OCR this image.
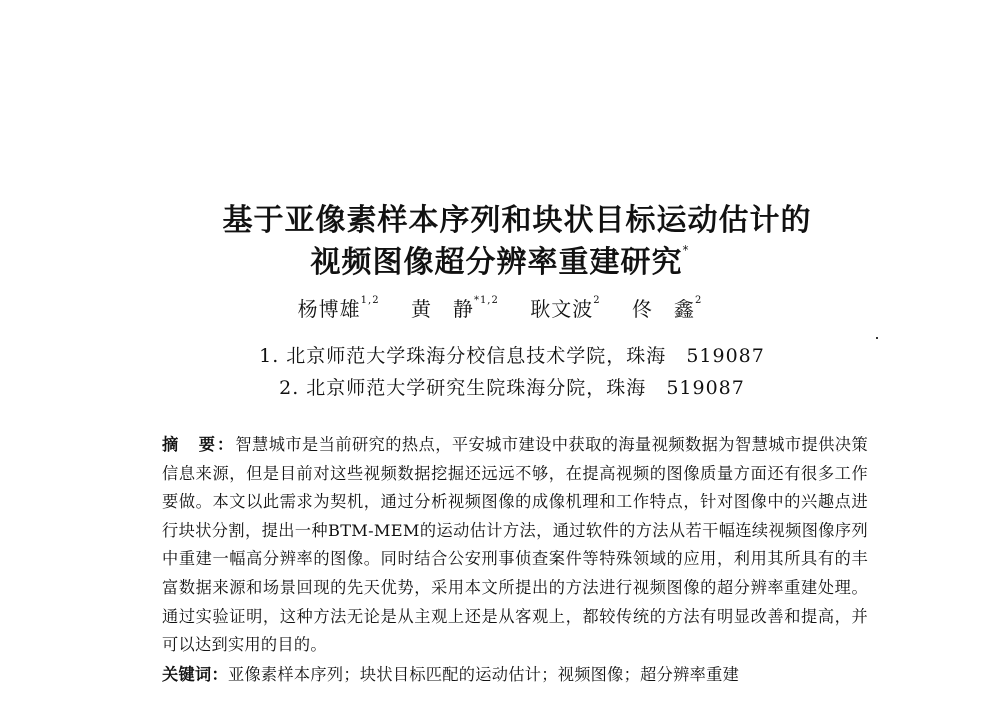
基于亚像素样本序列和块状目标运动估计的
视频图像超分辨率重建研究*
杨博雄$^{1,2}$ 黄　静$^{*1,2}$ 耿文波$^2$ 佟　鑫$^2$
1. 北京师范大学珠海分校信息技术学院，珠海 519087
2. 北京师范大学研究生院珠海分院，珠海 519087
摘　要：智慧城市是当前研究的热点，平安城市建设中获取的海量视频数据为智慧城市提供决策信息来源，但是目前对这些视频数据挖掘还远远不够，在提高视频的图像质量方面还有很多工作要做。本文以此需求为契机，通过分析视频图像的成像机理和工作特点，针对图像中的兴趣点进行块状分割，提出一种BTM-MEM的运动估计方法，通过软件的方法从若干幅连续视频图像序列中重建一幅高分辨率的图像。同时结合公安刑事侦查案件等特殊领域的应用，利用其所具有的丰富数据来源和场景回现的先天优势，采用本文所提出的方法进行视频图像的超分辨率重建处理。通过实验证明，这种方法无论是从主观上还是从客观上，都较传统的方法有明显改善和提高，并可以达到实用的目的。
关键词：亚像素样本序列；块状目标匹配的运动估计；视频图像；超分辨率重建
